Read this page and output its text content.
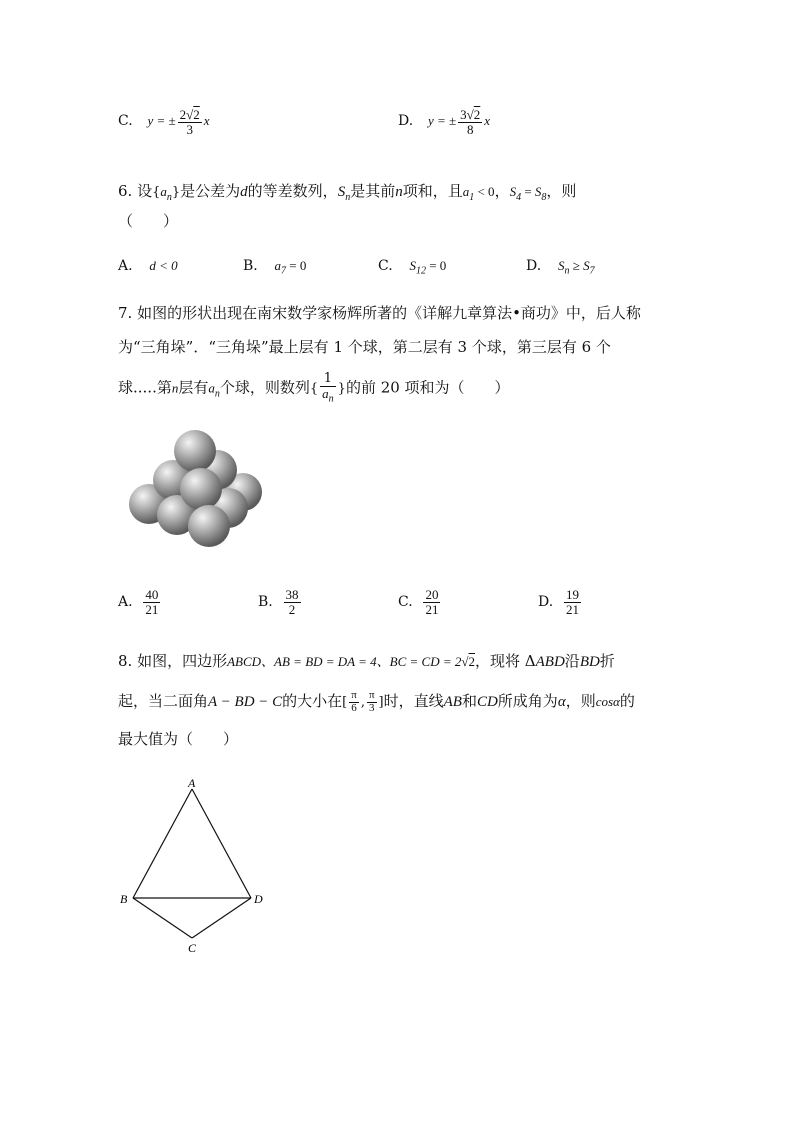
C. y = ± $\frac{2√2}{3}$ x	D. y = ± $\frac{3√2}{8}$ x
6. 设$\{a_n\}$是公差为d的等差数列，$S_n$是其前n项和，且$a_1 < 0$，$S_4 = S_8$，则
（　　）
A. d < 0	B. $a_7 = 0$	C. $S_{12} = 0$	D. $S_n \ge S_7$
7. 如图的形状出现在南宋数学家杨辉所著的《详解九章算法•商功》中，后人称
为“三角垛”．“三角垛”最上层有 1 个球，第二层有 3 个球，第三层有 6 个
球.....第n层有$a_n$个球，则数列{ $\frac{1}{a_n}$ }的前 20 项和为（　　）
A. $\frac{40}{21}$	B. $\frac{38}{2}$	C. $\frac{20}{21}$	D. $\frac{19}{21}$
8. 如图，四边形ABCD、AB = BD = DA = 4、BC = CD = 2√2，现将 ΔABD沿BD折
起，当二面角A − BD − C的大小在[ $\frac{\pi}{6}$ , $\frac{\pi}{3}$ ]时，直线AB和CD所成角为α，则cosα的
最大值为（　　）
A
B	D
C
